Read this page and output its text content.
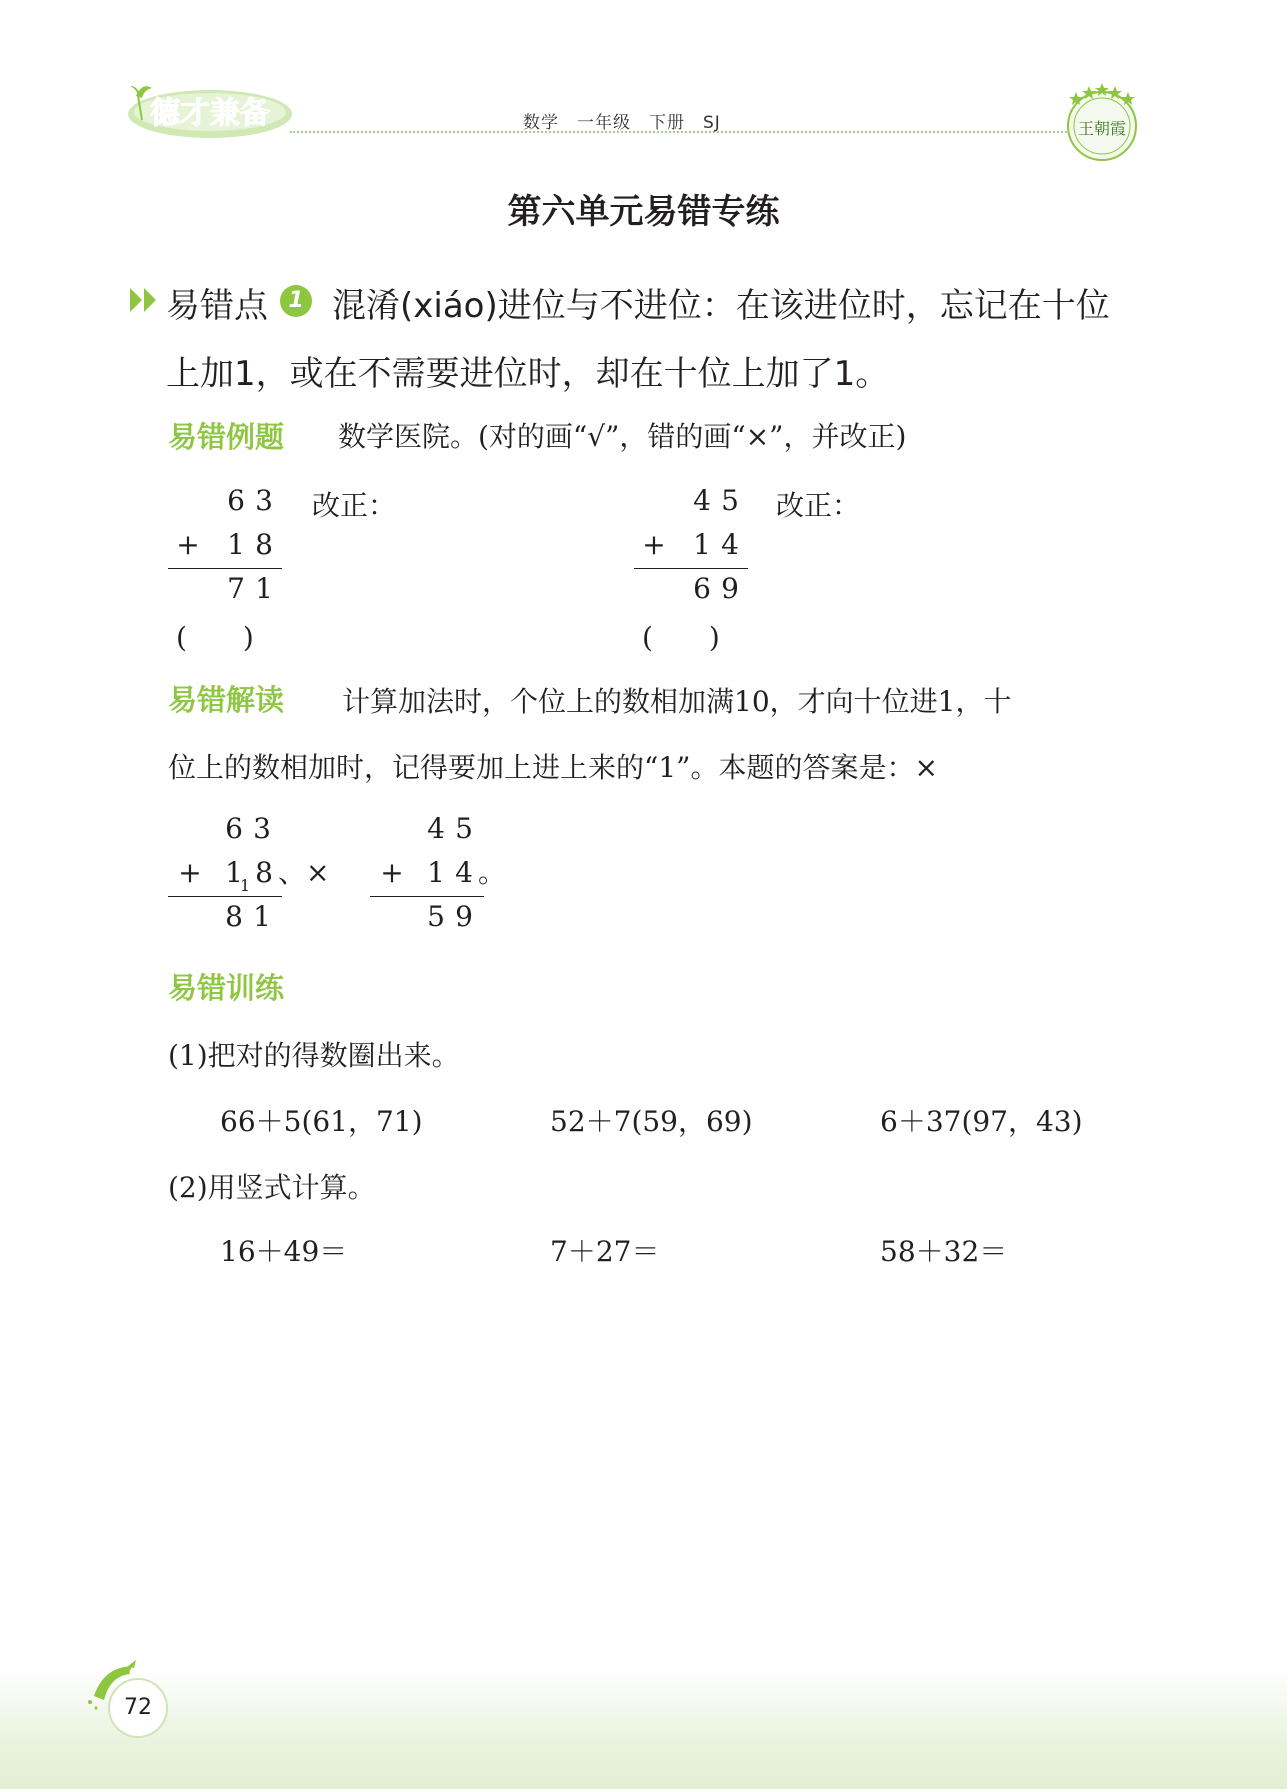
德才兼备	数学　一年级　下册　SJ	王朝霞
第六单元易错专练
易错点 1 混淆(xiáo)进位与不进位：在该进位时，忘记在十位
上加1，或在不需要进位时，却在十位上加了1。
易错例题 数学医院。(对的画“√”，错的画“×”，并改正)
6 3
+ 1 8
7 1
(　　)
改正：	4 5
+ 1 4
6 9
(　　)
改正：
易错解读 计算加法时，个位上的数相加满10，才向十位进1，十
位上的数相加时，记得要加上进上来的“1”。本题的答案是：×
6 3
+ 1
1 8 、×
8 1
4 5
+ 1 4 。
5 9
易错训练
(1)把对的得数圈出来。
66＋5(61，71)	52＋7(59，69)	6＋37(97，43)
(2)用竖式计算。
16＋49＝	7＋27＝	58＋32＝
72
